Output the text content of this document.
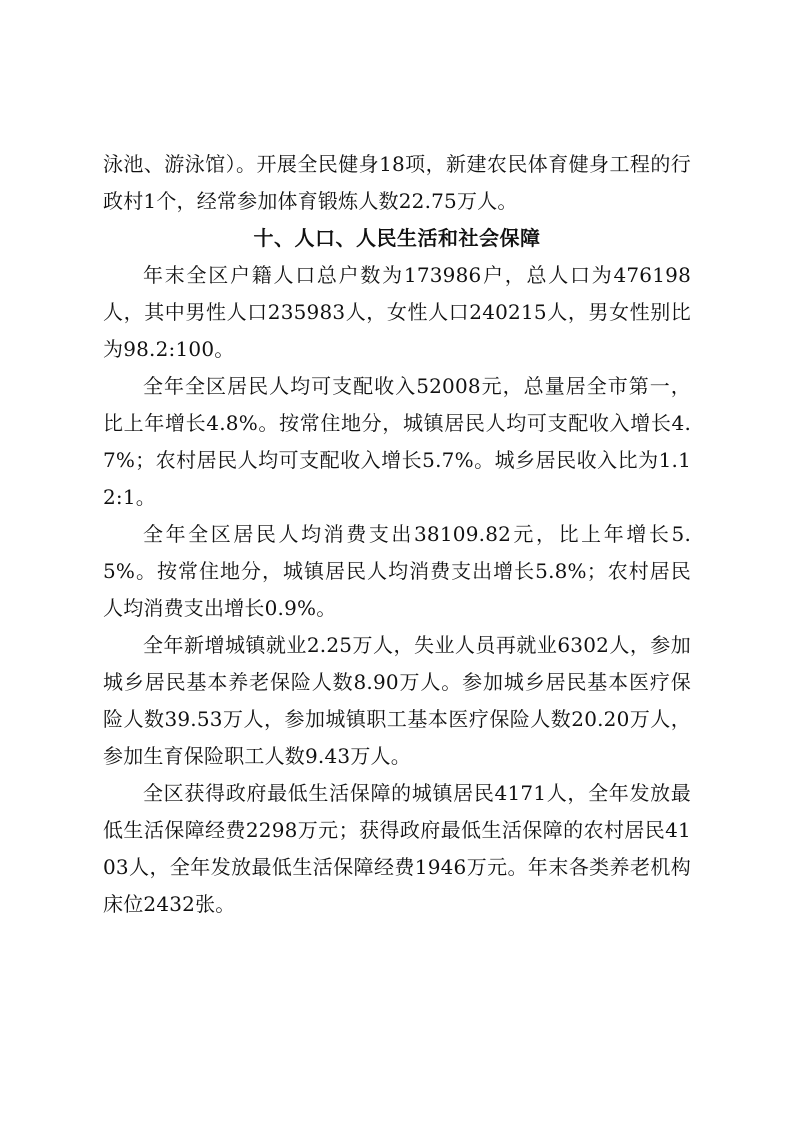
泳池、游泳馆）。开展全民健身18项，新建农民体育健身工程的行政村1个，经常参加体育锻炼人数22.75万人。

十、人口、人民生活和社会保障

年末全区户籍人口总户数为173986户，总人口为476198人，其中男性人口235983人，女性人口240215人，男女性别比为98.2:100。

全年全区居民人均可支配收入52008元，总量居全市第一，比上年增长4.8%。按常住地分，城镇居民人均可支配收入增长4.7%；农村居民人均可支配收入增长5.7%。城乡居民收入比为1.12:1。

全年全区居民人均消费支出38109.82元，比上年增长5.5%。按常住地分，城镇居民人均消费支出增长5.8%；农村居民人均消费支出增长0.9%。

全年新增城镇就业2.25万人，失业人员再就业6302人，参加城乡居民基本养老保险人数8.90万人。参加城乡居民基本医疗保险人数39.53万人，参加城镇职工基本医疗保险人数20.20万人，参加生育保险职工人数9.43万人。

全区获得政府最低生活保障的城镇居民4171人，全年发放最低生活保障经费2298万元；获得政府最低生活保障的农村居民4103人，全年发放最低生活保障经费1946万元。年末各类养老机构床位2432张。
